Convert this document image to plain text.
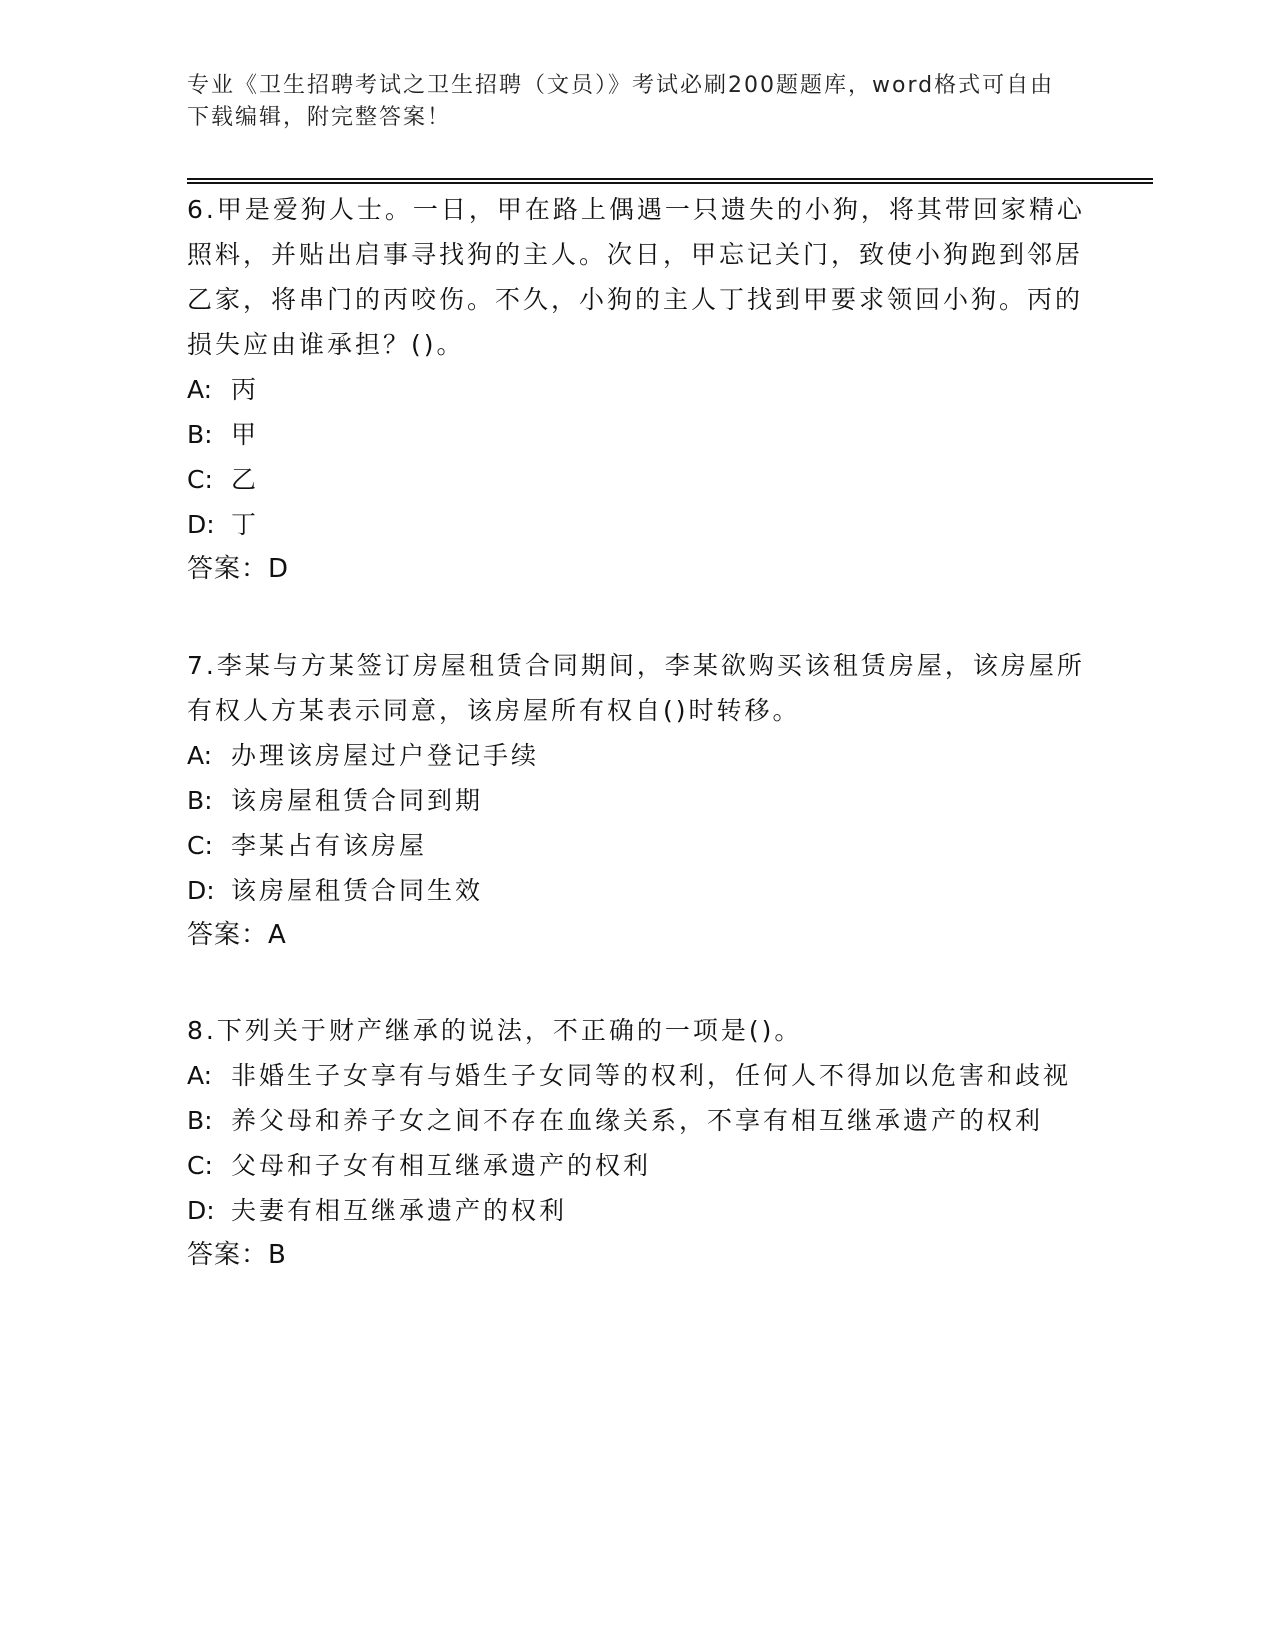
专业《卫生招聘考试之卫生招聘（文员）》考试必刷200题题库，word格式可自由下载编辑，附完整答案！
6.甲是爱狗人士。一日，甲在路上偶遇一只遗失的小狗，将其带回家精心照料，并贴出启事寻找狗的主人。次日，甲忘记关门，致使小狗跑到邻居乙家，将串门的丙咬伤。不久，小狗的主人丁找到甲要求领回小狗。丙的损失应由谁承担？()。
A: 丙
B: 甲
C: 乙
D: 丁
答案：D
7.李某与方某签订房屋租赁合同期间，李某欲购买该租赁房屋，该房屋所有权人方某表示同意，该房屋所有权自()时转移。
A: 办理该房屋过户登记手续
B: 该房屋租赁合同到期
C: 李某占有该房屋
D: 该房屋租赁合同生效
答案：A
8.下列关于财产继承的说法，不正确的一项是()。
A: 非婚生子女享有与婚生子女同等的权利，任何人不得加以危害和歧视
B: 养父母和养子女之间不存在血缘关系，不享有相互继承遗产的权利
C: 父母和子女有相互继承遗产的权利
D: 夫妻有相互继承遗产的权利
答案：B
